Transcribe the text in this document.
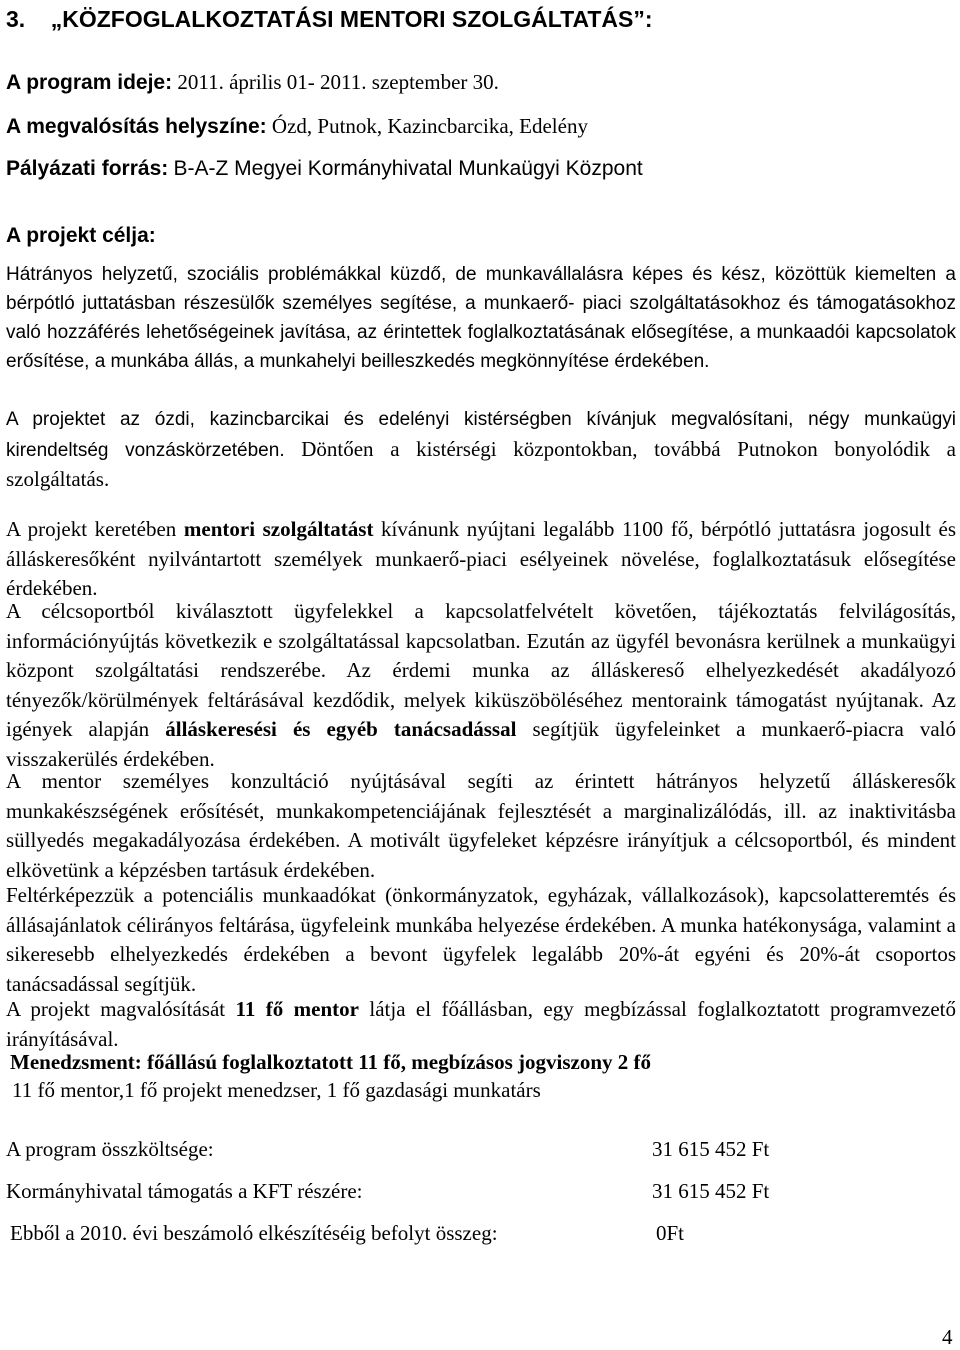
3. „KÖZFOGLALKOZTATÁSI MENTORI SZOLGÁLTATÁS”:
A program ideje: 2011. április 01- 2011. szeptember 30.
A megvalósítás helyszíne: Ózd, Putnok, Kazincbarcika, Edelény
Pályázati forrás: B-A-Z Megyei Kormányhivatal Munkaügyi Központ
A projekt célja:
Hátrányos helyzetű, szociális problémákkal küzdő, de munkavállalásra képes és kész, közöttük kiemelten a bérpótló juttatásban részesülők személyes segítése, a munkaerő- piaci szolgáltatásokhoz és támogatásokhoz való hozzáférés lehetőségeinek javítása, az érintettek foglalkoztatásának elősegítése, a munkaadói kapcsolatok erősítése, a munkába állás, a munkahelyi beilleszkedés megkönnyítése érdekében.
A projektet az ózdi, kazincbarcikai és edelényi kistérségben kívánjuk megvalósítani, négy munkaügyi kirendeltség vonzáskörzetében. Döntően a kistérségi központokban, továbbá Putnokon bonyolódik a szolgáltatás.
A projekt keretében mentori szolgáltatást kívánunk nyújtani legalább 1100 fő, bérpótló juttatásra jogosult és álláskeresőként nyilvántartott személyek munkaerő-piaci esélyeinek növelése, foglalkoztatásuk elősegítése érdekében.
A célcsoportból kiválasztott ügyfelekkel a kapcsolatfelvételt követően, tájékoztatás felvilágosítás, információnyújtás következik e szolgáltatással kapcsolatban. Ezután az ügyfél bevonásra kerülnek a munkaügyi központ szolgáltatási rendszerébe. Az érdemi munka az álláskereső elhelyezkedését akadályozó tényezők/körülmények feltárásával kezdődik, melyek kiküszöböléséhez mentoraink támogatást nyújtanak. Az igények alapján álláskeresési és egyéb tanácsadással segítjük ügyfeleinket a munkaerő-piacra való visszakerülés érdekében.
A mentor személyes konzultáció nyújtásával segíti az érintett hátrányos helyzetű álláskeresők munkakészségének erősítését, munkakompetenciájának fejlesztését a marginalizálódás, ill. az inaktivitásba süllyedés megakadályozása érdekében. A motivált ügyfeleket képzésre irányítjuk a célcsoportból, és mindent elkövetünk a képzésben tartásuk érdekében.
Feltérképezzük a potenciális munkaadókat (önkormányzatok, egyházak, vállalkozások), kapcsolatteremtés és állásajánlatok célirányos feltárása, ügyfeleink munkába helyezése érdekében. A munka hatékonysága, valamint a sikeresebb elhelyezkedés érdekében a bevont ügyfelek legalább 20%-át egyéni és 20%-át csoportos tanácsadással segítjük.
A projekt magvalósítását 11 fő mentor látja el főállásban, egy megbízással foglalkoztatott programvezető irányításával.
Menedzsment: főállású foglalkoztatott 11 fő, megbízásos jogviszony 2 fő
11 fő mentor,1 fő projekt menedzser, 1 fő gazdasági munkatárs
A program összköltsége:	31 615 452 Ft
Kormányhivatal támogatás a KFT részére:	31 615 452 Ft
Ebből a 2010. évi beszámoló elkészítéséig befolyt összeg:	0Ft
4
